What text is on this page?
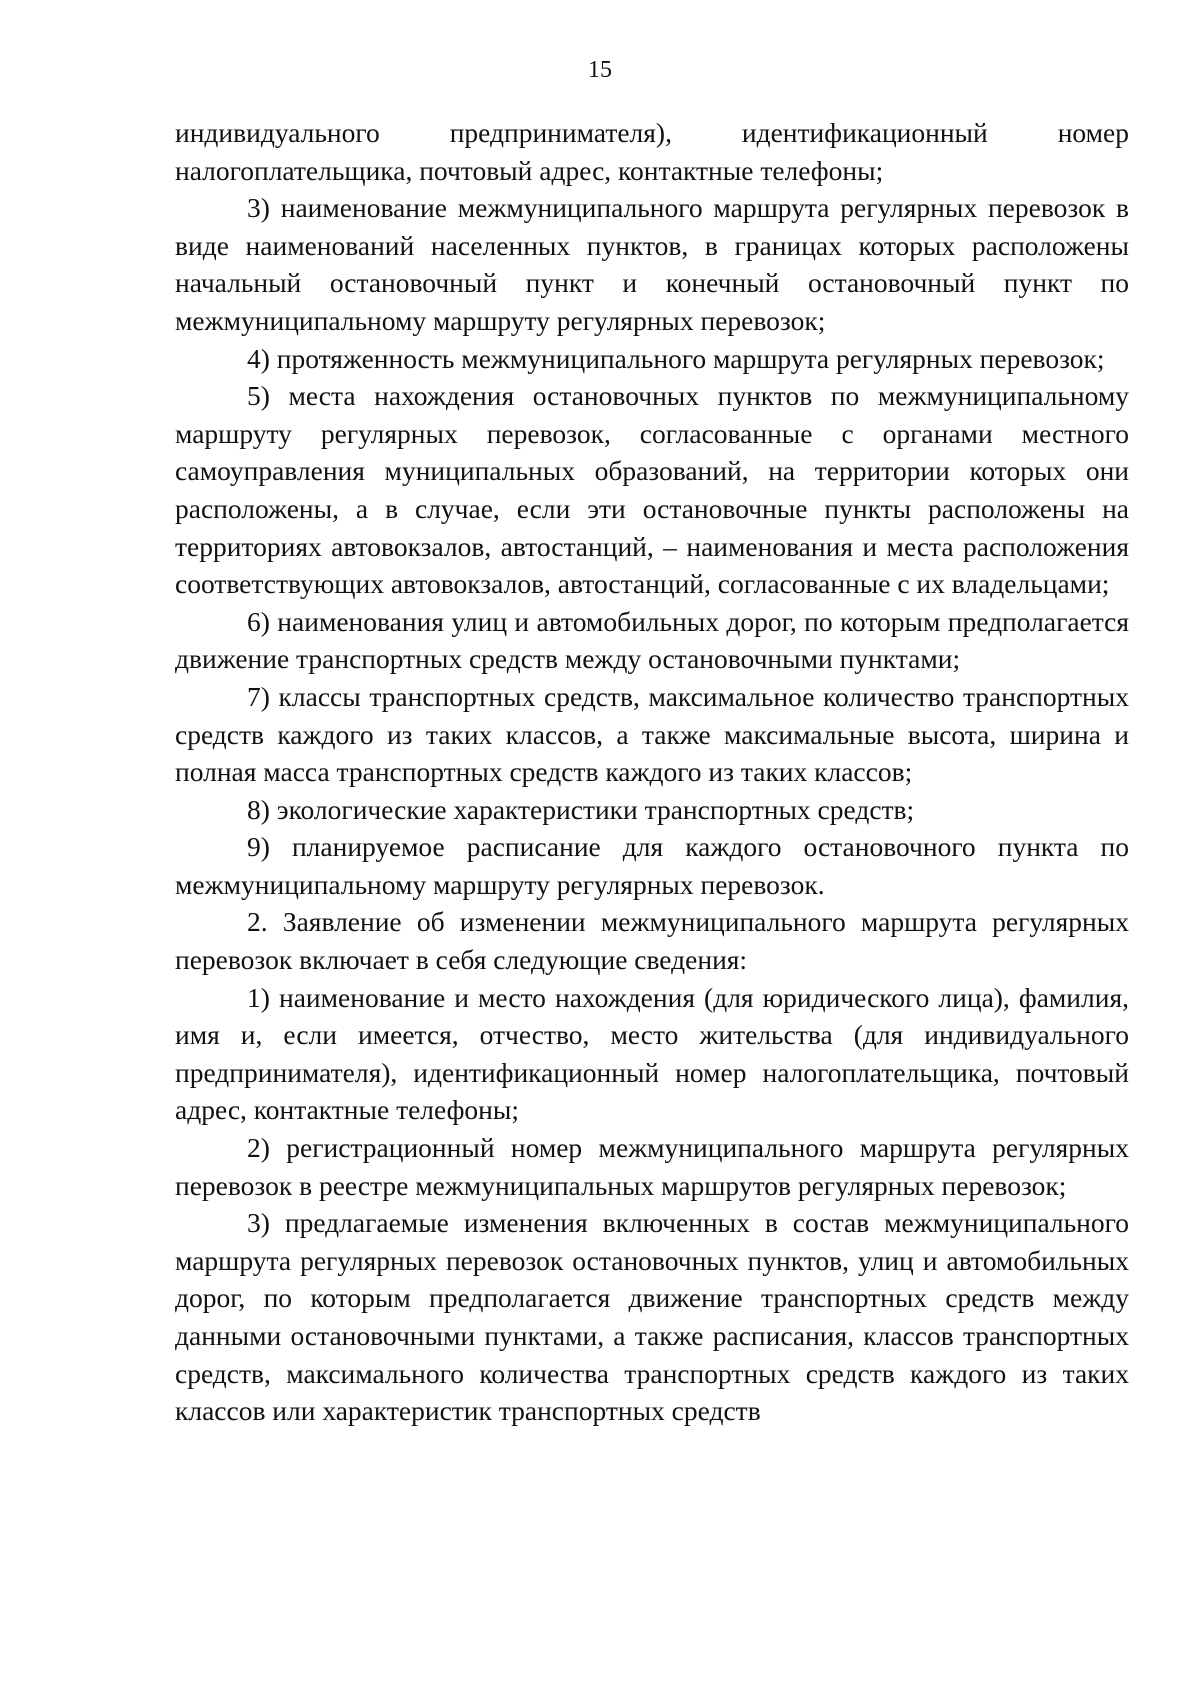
15

индивидуального предпринимателя), идентификационный номер налогоплательщика, почтовый адрес, контактные телефоны;

3) наименование межмуниципального маршрута регулярных перевозок в виде наименований населенных пунктов, в границах которых расположены начальный остановочный пункт и конечный остановочный пункт по межмуниципальному маршруту регулярных перевозок;

4) протяженность межмуниципального маршрута регулярных перевозок;

5) места нахождения остановочных пунктов по межмуниципальному маршруту регулярных перевозок, согласованные с органами местного самоуправления муниципальных образований, на территории которых они расположены, а в случае, если эти остановочные пункты расположены на территориях автовокзалов, автостанций, – наименования и места расположения соответствующих автовокзалов, автостанций, согласованные с их владельцами;

6) наименования улиц и автомобильных дорог, по которым предполагается движение транспортных средств между остановочными пунктами;

7) классы транспортных средств, максимальное количество транспортных средств каждого из таких классов, а также максимальные высота, ширина и полная масса транспортных средств каждого из таких классов;

8) экологические характеристики транспортных средств;

9) планируемое расписание для каждого остановочного пункта по межмуниципальному маршруту регулярных перевозок.

2. Заявление об изменении межмуниципального маршрута регулярных перевозок включает в себя следующие сведения:

1) наименование и место нахождения (для юридического лица), фамилия, имя и, если имеется, отчество, место жительства (для индивидуального предпринимателя), идентификационный номер налогоплательщика, почтовый адрес, контактные телефоны;

2) регистрационный номер межмуниципального маршрута регулярных перевозок в реестре межмуниципальных маршрутов регулярных перевозок;

3) предлагаемые изменения включенных в состав межмуниципального маршрута регулярных перевозок остановочных пунктов, улиц и автомобильных дорог, по которым предполагается движение транспортных средств между данными остановочными пунктами, а также расписания, классов транспортных средств, максимального количества транспортных средств каждого из таких классов или характеристик транспортных средств
